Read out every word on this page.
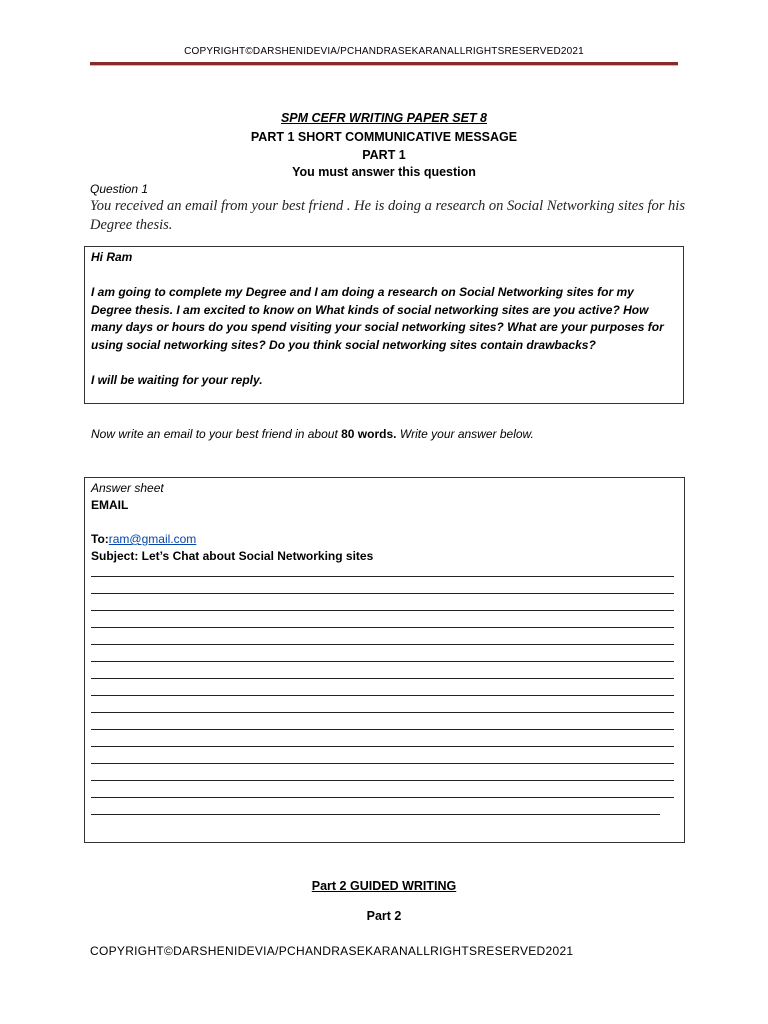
COPYRIGHT©DARSHENIDEVIA/PCHANDRASEKARANALLRIGHTSRESERVED2021
SPM CEFR WRITING PAPER SET 8
PART 1 SHORT COMMUNICATIVE MESSAGE
PART 1
You must answer this question
Question 1
You received an email from your best friend . He is doing a research on Social Networking sites for his Degree thesis.

Hi Ram

I am going to complete my Degree and I am doing a research on Social Networking sites for my Degree thesis. I am excited to know on What kinds of social networking sites are you active? How many days or hours do you spend visiting your social networking sites? What are your purposes for using social networking sites? Do you think social networking sites contain drawbacks?

I will be waiting for your reply.

Now write an email to your best friend in about 80 words. Write your answer below.
Answer sheet
EMAIL
To:ram@gmail.com
Subject: Let’s Chat about Social Networking sites
Part 2 GUIDED WRITING
Part 2
COPYRIGHT©DARSHENIDEVIA/PCHANDRASEKARANALLRIGHTSRESERVED2021
